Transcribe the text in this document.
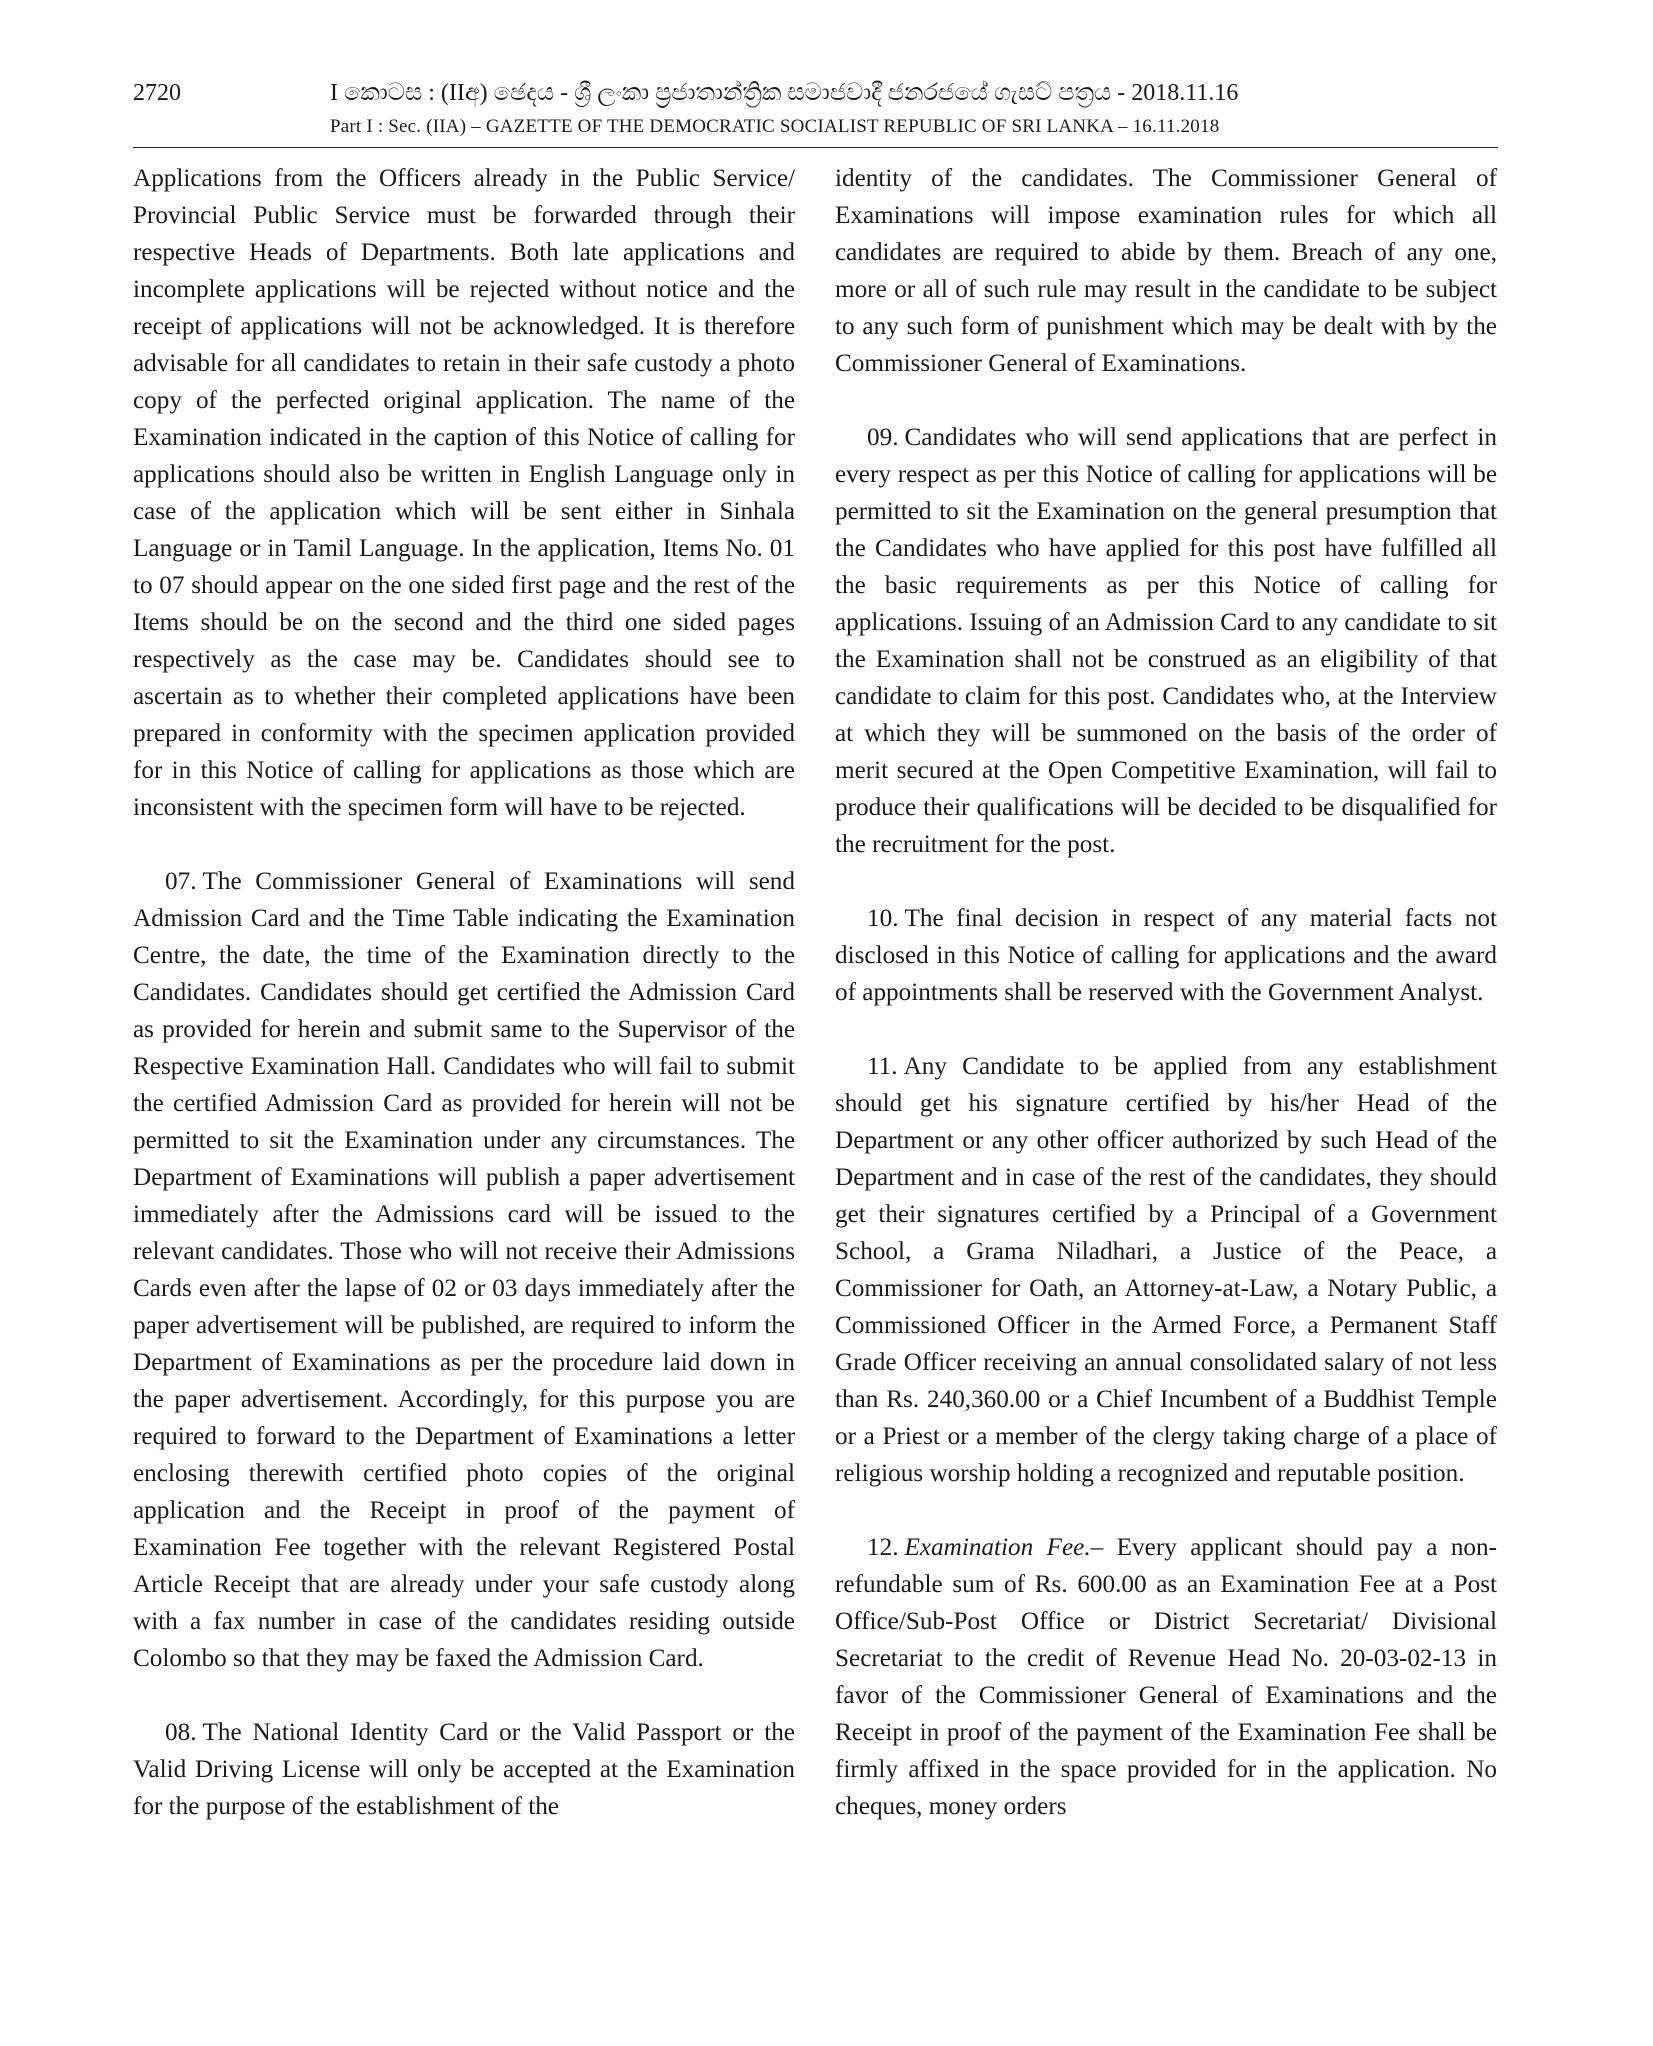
2720	I කොටස : (IIඅ) ඡෙදය - ශ්‍රී ලංකා ප්‍රජාතාන්ත්‍රික සමාජවාදී ජනරජයේ ගැසට් පත්‍රය - 2018.11.16
Part I : Sec. (IIA) – GAZETTE OF THE DEMOCRATIC SOCIALIST REPUBLIC OF SRI LANKA – 16.11.2018

Applications from the Officers already in the Public Service/ Provincial Public Service must be forwarded through their respective Heads of Departments. Both late applications and incomplete applications will be rejected without notice and the receipt of applications will not be acknowledged. It is therefore advisable for all candidates to retain in their safe custody a photo copy of the perfected original application. The name of the Examination indicated in the caption of this Notice of calling for applications should also be written in English Language only in case of the application which will be sent either in Sinhala Language or in Tamil Language. In the application, Items No. 01 to 07 should appear on the one sided first page and the rest of the Items should be on the second and the third one sided pages respectively as the case may be. Candidates should see to ascertain as to whether their completed applications have been prepared in conformity with the specimen application provided for in this Notice of calling for applications as those which are inconsistent with the specimen form will have to be rejected.

07. The Commissioner General of Examinations will send Admission Card and the Time Table indicating the Examination Centre, the date, the time of the Examination directly to the Candidates. Candidates should get certified the Admission Card as provided for herein and submit same to the Supervisor of the Respective Examination Hall. Candidates who will fail to submit the certified Admission Card as provided for herein will not be permitted to sit the Examination under any circumstances. The Department of Examinations will publish a paper advertisement immediately after the Admissions card will be issued to the relevant candidates. Those who will not receive their Admissions Cards even after the lapse of 02 or 03 days immediately after the paper advertisement will be published, are required to inform the Department of Examinations as per the procedure laid down in the paper advertisement. Accordingly, for this purpose you are required to forward to the Department of Examinations a letter enclosing therewith certified photo copies of the original application and the Receipt in proof of the payment of Examination Fee together with the relevant Registered Postal Article Receipt that are already under your safe custody along with a fax number in case of the candidates residing outside Colombo so that they may be faxed the Admission Card.

08. The National Identity Card or the Valid Passport or the Valid Driving License will only be accepted at the Examination for the purpose of the establishment of the

identity of the candidates. The Commissioner General of Examinations will impose examination rules for which all candidates are required to abide by them. Breach of any one, more or all of such rule may result in the candidate to be subject to any such form of punishment which may be dealt with by the Commissioner General of Examinations.

09. Candidates who will send applications that are perfect in every respect as per this Notice of calling for applications will be permitted to sit the Examination on the general presumption that the Candidates who have applied for this post have fulfilled all the basic requirements as per this Notice of calling for applications. Issuing of an Admission Card to any candidate to sit the Examination shall not be construed as an eligibility of that candidate to claim for this post. Candidates who, at the Interview at which they will be summoned on the basis of the order of merit secured at the Open Competitive Examination, will fail to produce their qualifications will be decided to be disqualified for the recruitment for the post.

10. The final decision in respect of any material facts not disclosed in this Notice of calling for applications and the award of appointments shall be reserved with the Government Analyst.

11. Any Candidate to be applied from any establishment should get his signature certified by his/her Head of the Department or any other officer authorized by such Head of the Department and in case of the rest of the candidates, they should get their signatures certified by a Principal of a Government School, a Grama Niladhari, a Justice of the Peace, a Commissioner for Oath, an Attorney-at-Law, a Notary Public, a Commissioned Officer in the Armed Force, a Permanent Staff Grade Officer receiving an annual consolidated salary of not less than Rs. 240,360.00 or a Chief Incumbent of a Buddhist Temple or a Priest or a member of the clergy taking charge of a place of religious worship holding a recognized and reputable position.

12. Examination Fee.– Every applicant should pay a non-refundable sum of Rs. 600.00 as an Examination Fee at a Post Office/Sub-Post Office or District Secretariat/ Divisional Secretariat to the credit of Revenue Head No. 20-03-02-13 in favor of the Commissioner General of Examinations and the Receipt in proof of the payment of the Examination Fee shall be firmly affixed in the space provided for in the application. No cheques, money orders
